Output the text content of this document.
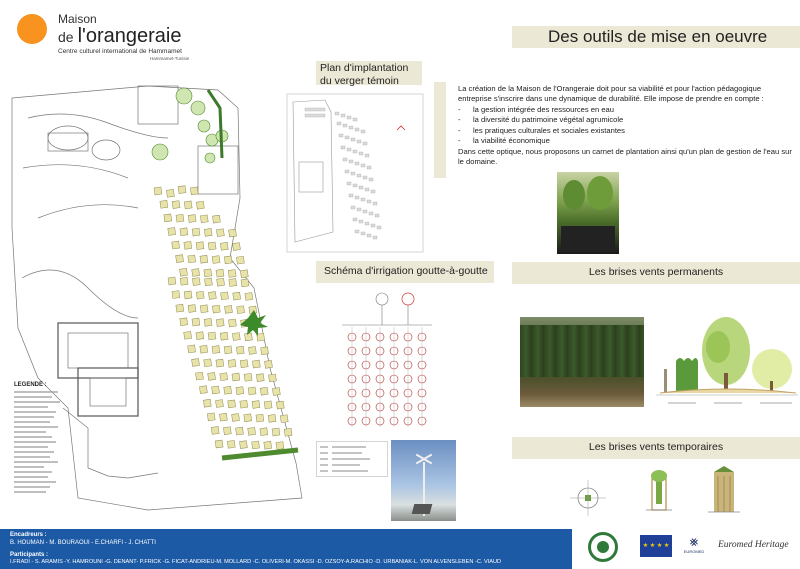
Maison
de l'orangeraie
Centre culturel international de Hammamet
Hammamet-Tunisie
Des outils de mise en oeuvre
LEGENDE :
Plan d'implantation du verger témoin

La création de la Maison de l'Orangeraie doit pour sa viabilité et pour l'action pédagogique entreprise s'inscrire dans une dynamique de durabilité. Elle impose de prendre en compte :

- la gestion intégrée des ressources en eau
- la diversité du patrimoine végétal agrumicole
- les pratiques culturales et sociales existantes
- la viabilité économique

Dans cette optique, nous proposons un carnet de plantation ainsi qu'un plan de gestion de l'eau sur le domaine.

Schéma d'irrigation goutte-à-goutte	Les brises vents permanents
Les brises vents temporaires
Encadreurs :
B. HOUMAN - M. BOURAOUI - E.CHARFI - J. CHATTI
Participants :
I.FRADI - S. ARAMIS -Y. HAMROUNI -G. DENANT- P.FRICK -G. FICAT-ANDRIEU-M. MOLLARD -C. OLIVERI-M. OKASSI -D. OZSOY-A.RACHIO -D. URBANIAK-L. VON ALVENSLEBEN -C. VIAUD
★ ★ ★ ★	⨳
EUROMED
Euromed Heritage
